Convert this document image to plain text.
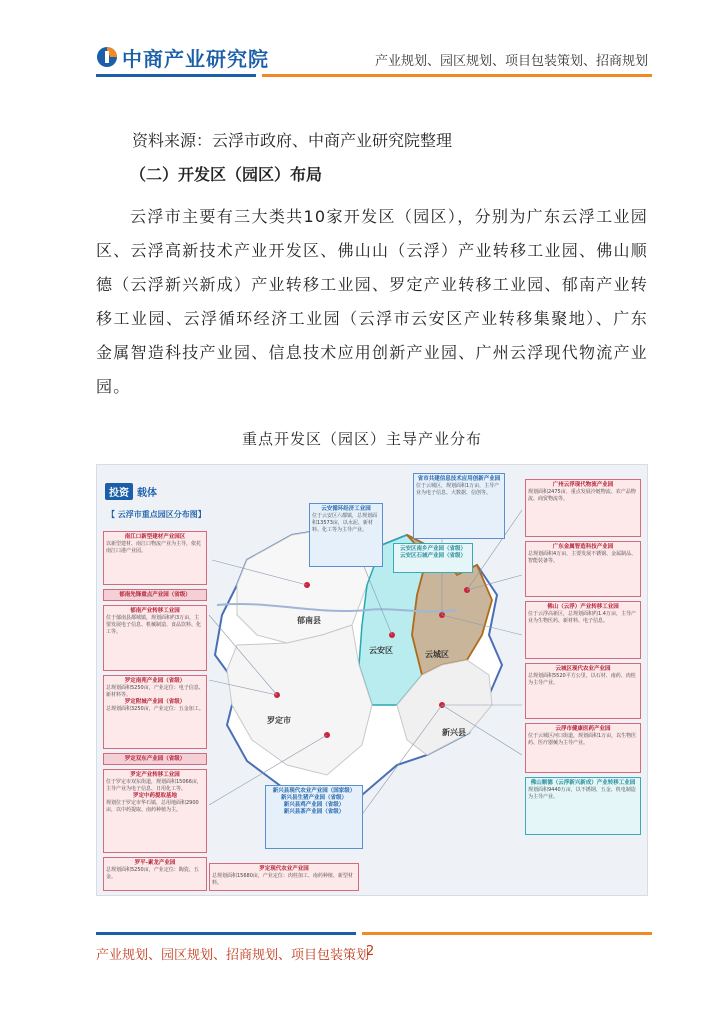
中商产业研究院	产业规划、园区规划、项目包装策划、招商规划
资料来源：云浮市政府、中商产业研究院整理
（二）开发区（园区）布局
云浮市主要有三大类共10家开发区（园区），分别为广东云浮工业园区、云浮高新技术产业开发区、佛山山（云浮）产业转移工业园、佛山顺德（云浮新兴新成）产业转移工业园、罗定产业转移工业园、郁南产业转移工业园、云浮循环经济工业园（云浮市云安区产业转移集聚地）、广东金属智造科技产业园、信息技术应用创新产业园、广州云浮现代物流产业园。
重点开发区（园区）主导产业分布
投资 载体
【 云浮市重点园区分布图】
郁南县
云安区	云城区
罗定市
新兴县
南江口新型建材产业园区
以新型建材、南江口物流产业为主导，依托南江口港产业园。
郁南先锋重点产业园（省级）
郁南产业转移工业园
位于郁南县都城镇，规划面积约3万亩，主要发展电子信息、机械制造、食品饮料、化工等。
罗定南苑产业园（省级）
总规划面积5250亩，产业定位：电子信息、新材料等。
罗定附城产业园（省级）
总规划面积3250亩，产业定位：五金加工。
罗定双东产业园（省级）
罗定产业转移工业园
位于罗定市双东街道，规划面积15066亩，主导产业为电子信息、日用化工等。
罗定中药提取基地
规划位于罗定市华石镇，总用地面积2900亩，以中药提取、南药种植为主。
罗平-素龙产业园
总规划面积5250亩，产业定位：陶瓷、五金。
罗定现代农业产业园
总规划面积15680亩，产业定位：肉桂加工、南药种植、新型材料。
云安循环经济工业园
位于云安区六都镇，总规划面积13573亩，以水泥、新材料、化工等为主导产业。
省市共建信息技术应用创新产业园
位于云城区，规划面积1万亩，主导产业为电子信息、大数据、信创等。
云安区南乡产业园（省级）
云安区石城产业园（省级）
新兴县现代农业产业园（国家级）
新兴县生猪产业园（省级）
新兴县鸡产业园（省级）
新兴县茶产业园（省级）
广州云浮现代物流产业园
规划面积2475亩，重点发展冷链物流、农产品物流、商贸物流等。
广东金属智造科技产业园
总规划面积4万亩，主要发展不锈钢、金属制品、智能装备等。
佛山（云浮）产业转移工业园
位于云浮高新区，总规划面积约1.4万亩，主导产业为生物医药、新材料、电子信息。
云城区现代农业产业园
总规划面积5520平方公里，以石材、南药、肉桂为主导产业。
云浮市健康医药产业园
位于云城区河口街道，规划面积1万亩，以生物医药、医疗器械为主导产业。
佛山顺德（云浮新兴新成）产业转移工业园
规划面积9440万亩，以不锈钢、五金、机电制造为主导产业。
产业规划、园区规划、招商规划、项目包装策划
2
